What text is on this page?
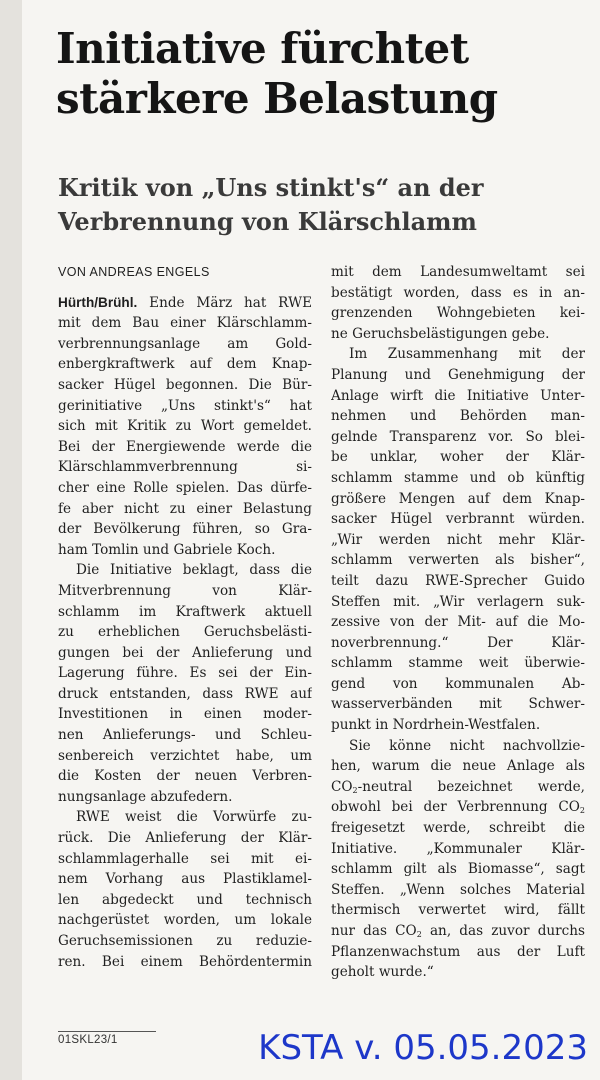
Initiative fürchtet
stärkere Belastung
Kritik von „Uns stinkt's“ an der
Verbrennung von Klärschlamm
VON ANDREAS ENGELS
Hürth/Brühl. Ende März hat RWE
mit dem Bau einer Klärschlamm-
verbrennungsanlage am Gold-
enbergkraftwerk auf dem Knap-
sacker Hügel begonnen. Die Bür-
gerinitiative „Uns stinkt's“ hat
sich mit Kritik zu Wort gemeldet.
Bei der Energiewende werde die
Klärschlammverbrennung si-
cher eine Rolle spielen. Das dürfe-
fe aber nicht zu einer Belastung
der Bevölkerung führen, so Gra-
ham Tomlin und Gabriele Koch.
Die Initiative beklagt, dass die
Mitverbrennung von Klär-
schlamm im Kraftwerk aktuell
zu erheblichen Geruchsbelästi-
gungen bei der Anlieferung und
Lagerung führe. Es sei der Ein-
druck entstanden, dass RWE auf
Investitionen in einen moder-
nen Anlieferungs- und Schleu-
senbereich verzichtet habe, um
die Kosten der neuen Verbren-
nungsanlage abzufedern.
RWE weist die Vorwürfe zu-
rück. Die Anlieferung der Klär-
schlammlagerhalle sei mit ei-
nem Vorhang aus Plastiklamel-
len abgedeckt und technisch
nachgerüstet worden, um lokale
Geruchsemissionen zu reduzie-
ren. Bei einem Behördentermin
mit dem Landesumweltamt sei
bestätigt worden, dass es in an-
grenzenden Wohngebieten kei-
ne Geruchsbelästigungen gebe.
Im Zusammenhang mit der
Planung und Genehmigung der
Anlage wirft die Initiative Unter-
nehmen und Behörden man-
gelnde Transparenz vor. So blei-
be unklar, woher der Klär-
schlamm stamme und ob künftig
größere Mengen auf dem Knap-
sacker Hügel verbrannt würden.
„Wir werden nicht mehr Klär-
schlamm verwerten als bisher“,
teilt dazu RWE-Sprecher Guido
Steffen mit. „Wir verlagern suk-
zessive von der Mit- auf die Mo-
noverbrennung.“ Der Klär-
schlamm stamme weit überwie-
gend von kommunalen Ab-
wasserverbänden mit Schwer-
punkt in Nordrhein-Westfalen.
Sie könne nicht nachvollzie-
hen, warum die neue Anlage als
$CO_2$-neutral bezeichnet werde,
obwohl bei der Verbrennung $CO_2$
freigesetzt werde, schreibt die
Initiative. „Kommunaler Klär-
schlamm gilt als Biomasse“, sagt
Steffen. „Wenn solches Material
thermisch verwertet wird, fällt
nur das $CO_2$ an, das zuvor durchs
Pflanzenwachstum aus der Luft
geholt wurde.“
01SKL23/1	KSTA v. 05.05.2023
